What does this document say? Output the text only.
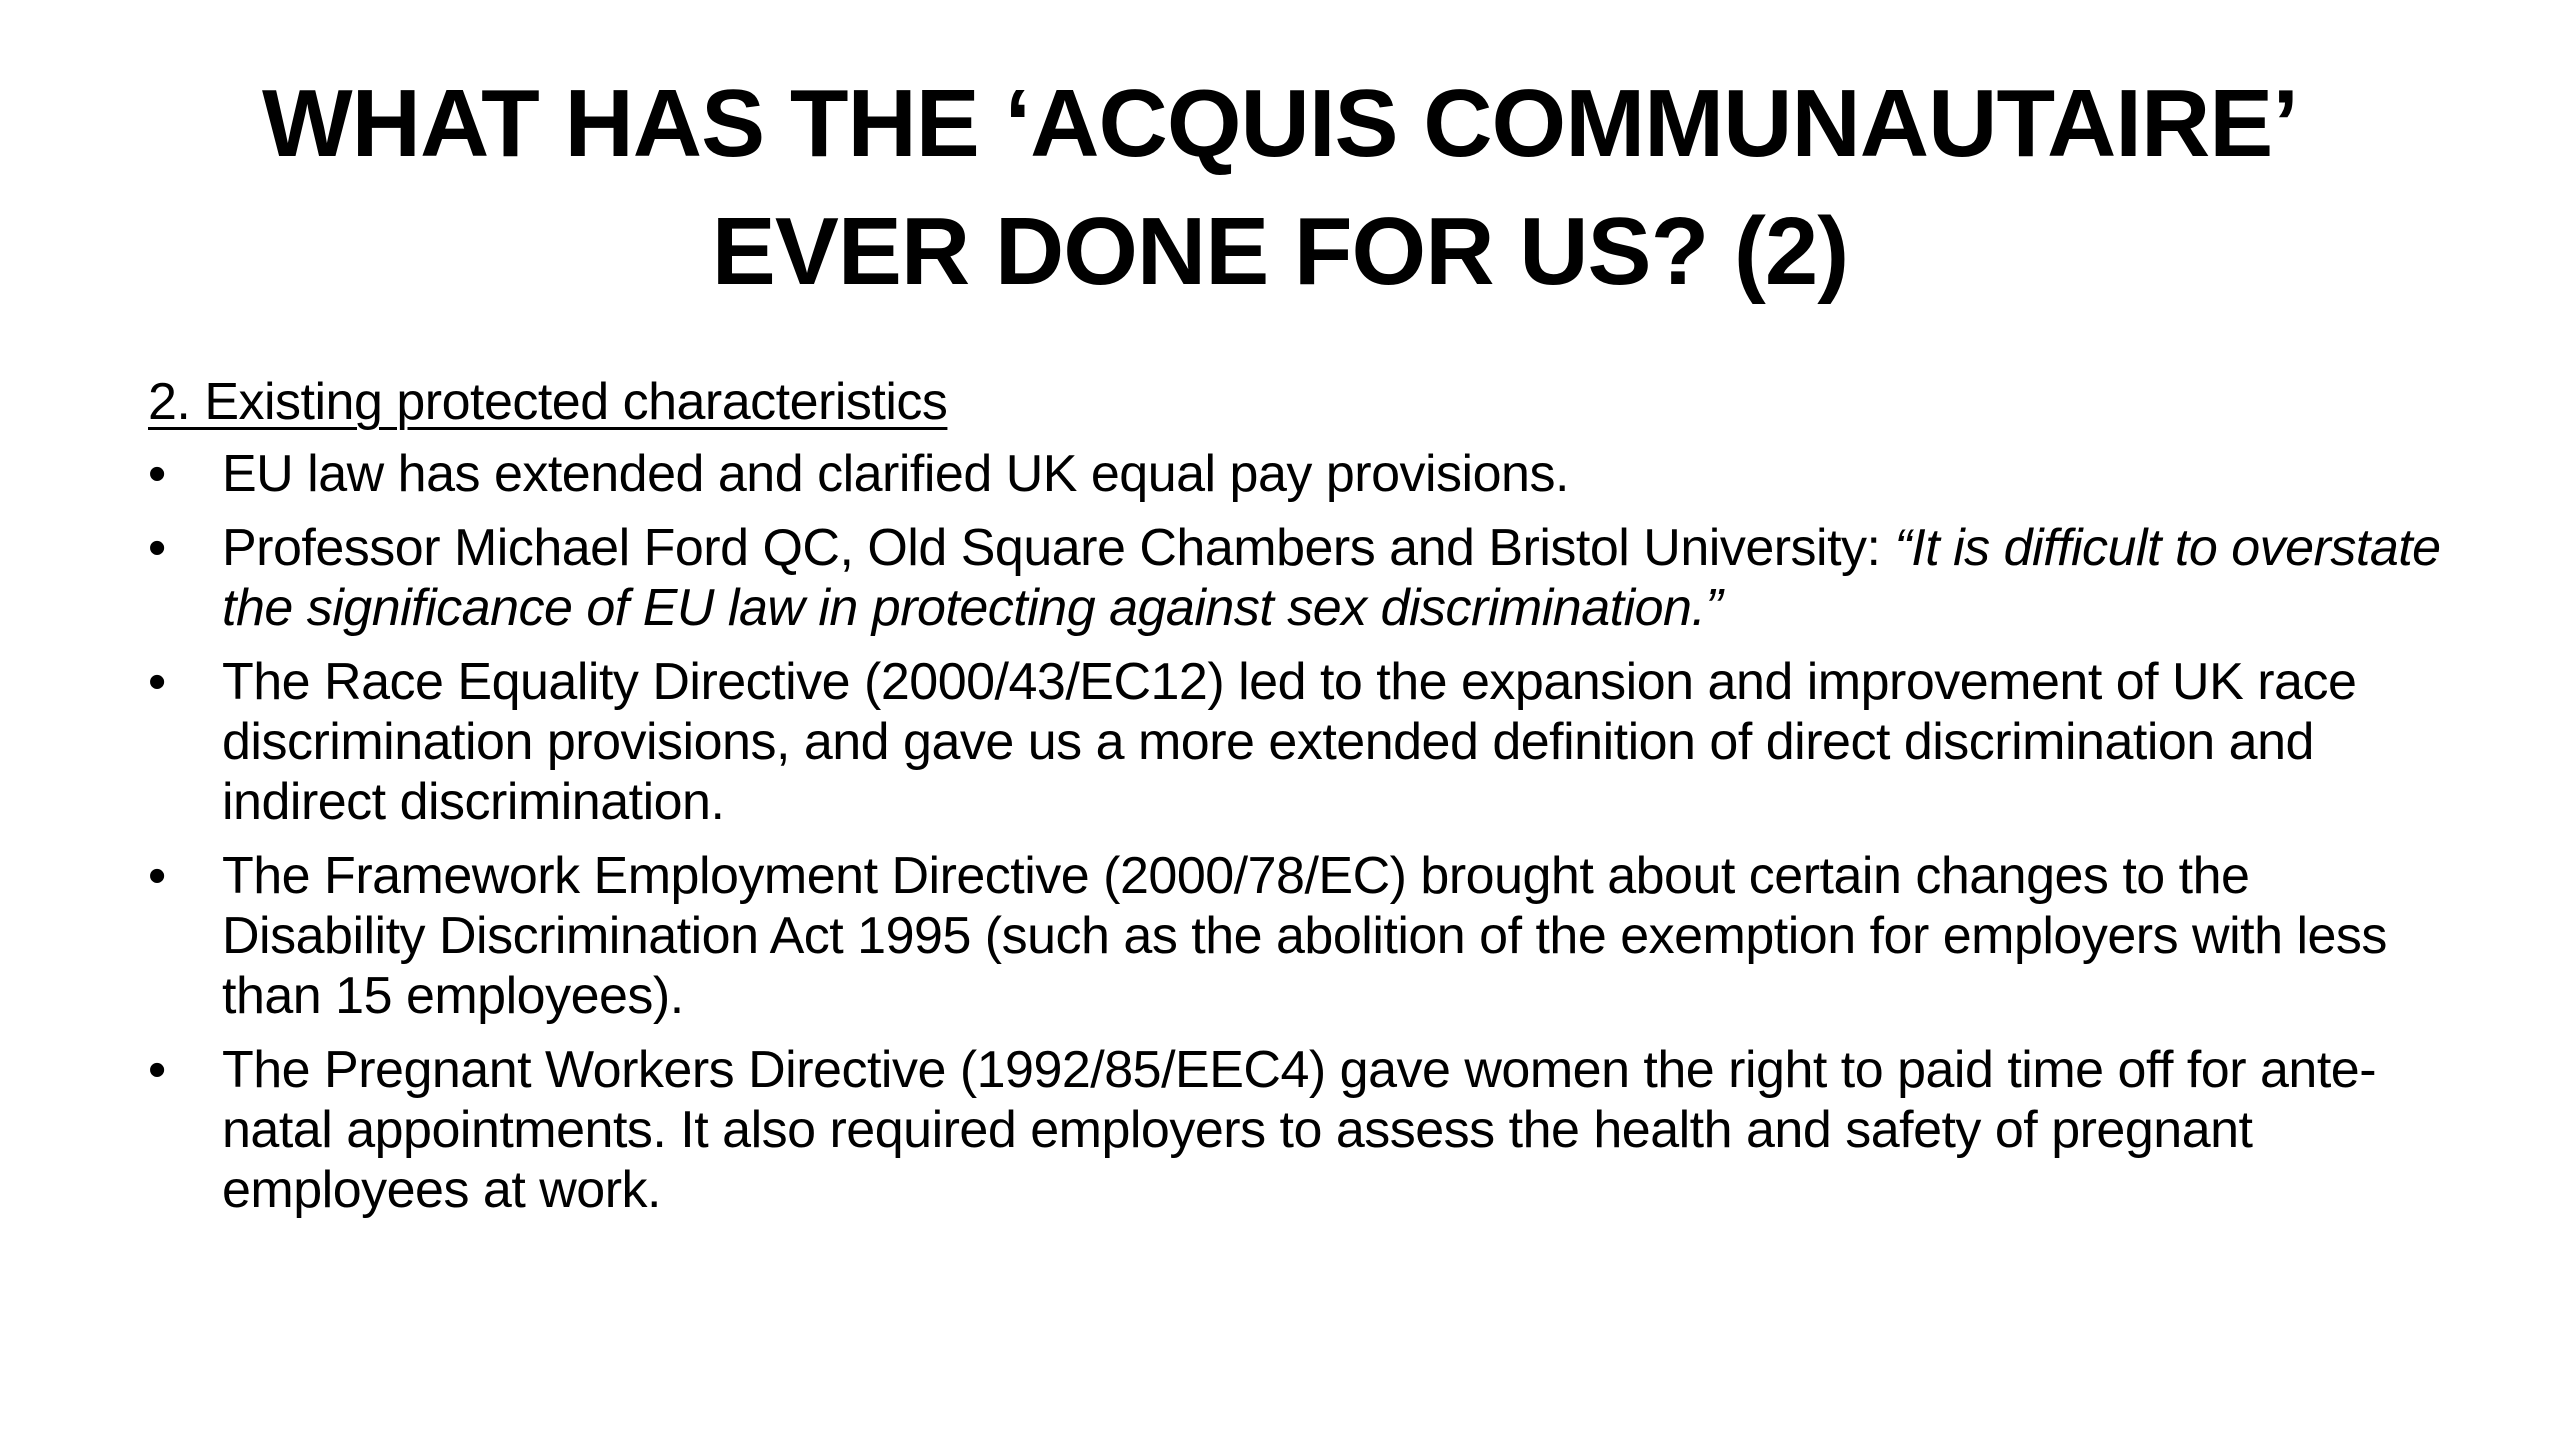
WHAT HAS THE ‘ACQUIS COMMUNAUTAIRE’
EVER DONE FOR US? (2)
2. Existing protected characteristics
•	EU law has extended and clarified UK equal pay provisions.
•	Professor Michael Ford QC, Old Square Chambers and Bristol University: “It is difficult to overstate the significance of EU law in protecting against sex discrimination.”
•	The Race Equality Directive (2000/43/EC12) led to the expansion and improvement of UK race discrimination provisions, and gave us a more extended definition of direct discrimination and indirect discrimination.
•	The Framework Employment Directive (2000/78/EC) brought about certain changes to the Disability Discrimination Act 1995 (such as the abolition of the exemption for employers with less than 15 employees).
•	The Pregnant Workers Directive (1992/85/EEC4) gave women the right to paid time off for ante-natal appointments. It also required employers to assess the health and safety of pregnant employees at work.
